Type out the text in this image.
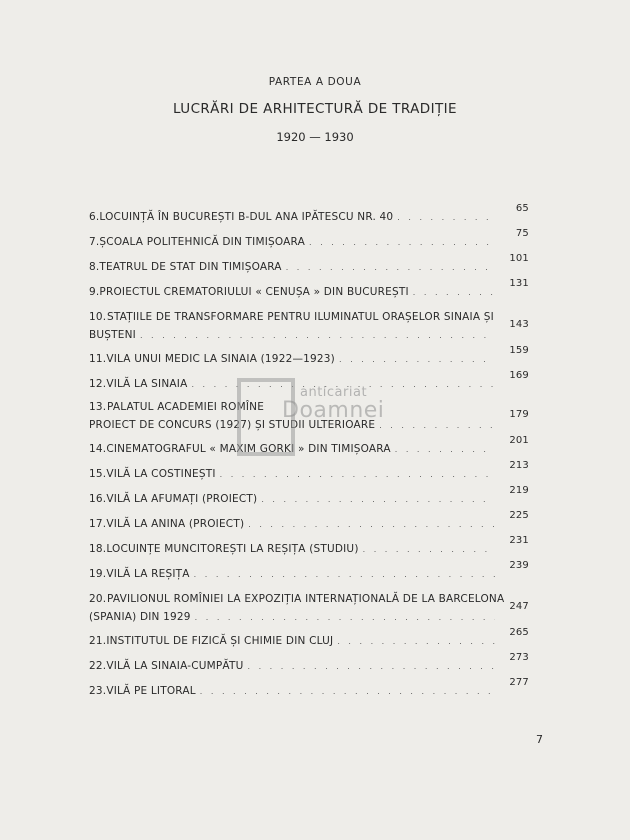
PARTEA A DOUA
LUCRĂRI DE ARHITECTURĂ DE TRADIȚIE
1920 — 1930
6. LOCUINȚĂ ÎN BUCUREȘTI B-DUL ANA IPĂTESCU NR. 40
. . .
65
7. ȘCOALA POLITEHNICĂ DIN TIMIȘOARA
. . .
75
8. TEATRUL DE STAT DIN TIMIȘOARA
. . .
101
9. PROIECTUL CREMATORIULUI « CENUȘA » DIN BUCUREȘTI
. . .
131
10.STAȚIILE DE TRANSFORMARE PENTRU ILUMINATUL ORAȘELOR SINAIA ȘI
BUȘTENI
. . .
143
11. VILA UNUI MEDIC LA SINAIA (1922—1923)
. . .
159
12. VILĂ LA SINAIA
. . .
169
13.PALATUL ACADEMIEI ROMÎNE
PROIECT DE CONCURS (1927) ȘI STUDII ULTERIOARE
. . .
179
14. CINEMATOGRAFUL « MAXIM GORKI » DIN TIMIȘOARA
. . .
201
15. VILĂ LA COSTINEȘTI
. . .
213
16. VILĂ LA AFUMAȚI (PROIECT)
. . .
219
17. VILĂ LA ANINA (PROIECT)
. . .
225
18. LOCUINȚE MUNCITOREȘTI LA REȘIȚA (STUDIU)
. . .
231
19. VILĂ LA REȘIȚA
. . .
239
20.PAVILIONUL ROMÎNIEI LA EXPOZIȚIA INTERNAȚIONALĂ DE LA BARCELONA
(SPANIA) DIN 1929
. . .
247
21. INSTITUTUL DE FIZICĂ ȘI CHIMIE DIN CLUJ
. . .
265
22. VILĂ LA SINAIA-CUMPĂTU
. . .
273
23. VILĂ PE LITORAL
. . .
277
7
anticariat
Doamnei
